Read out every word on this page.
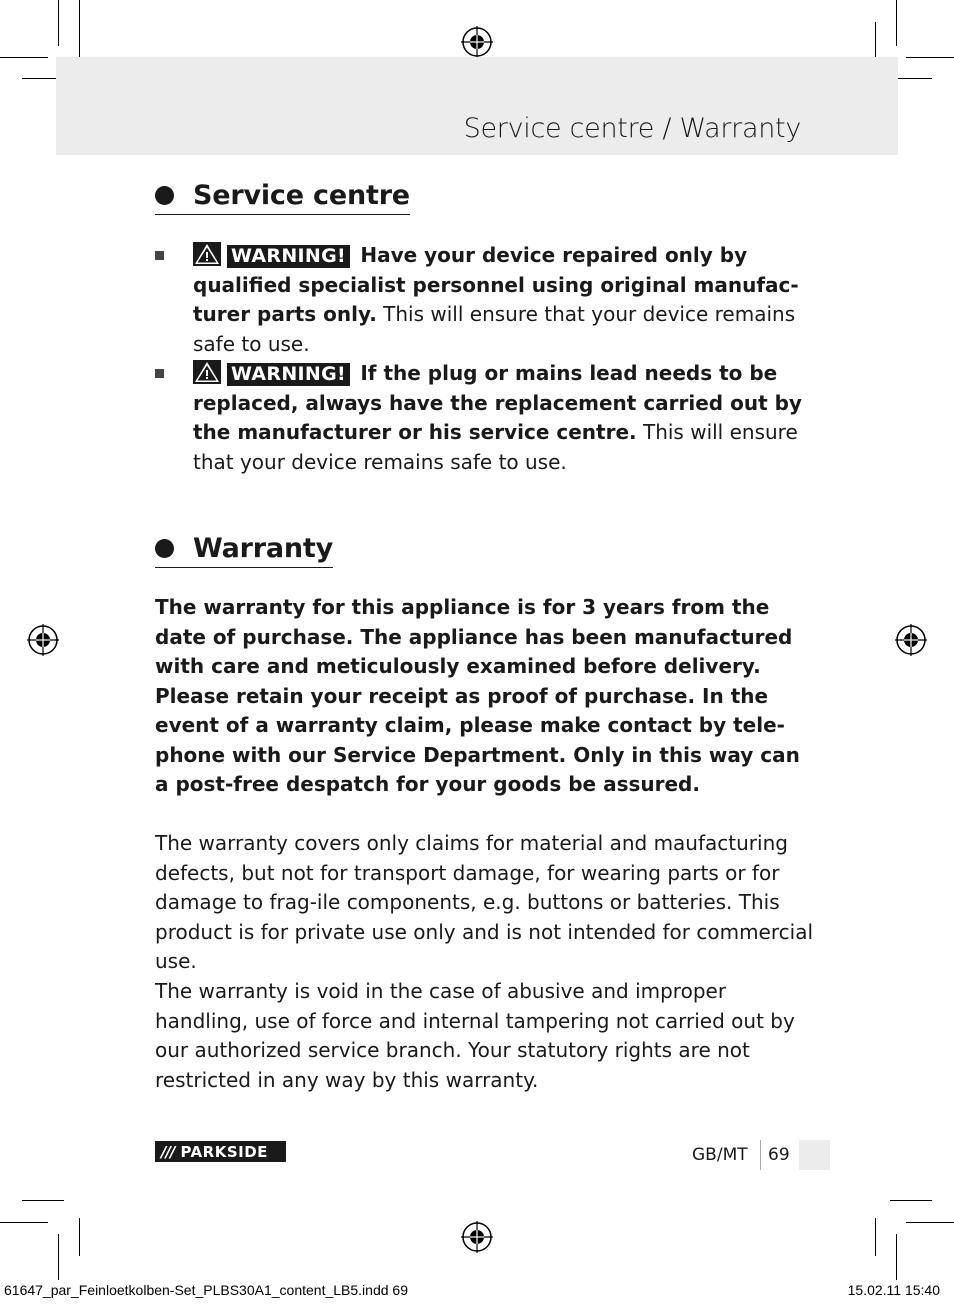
Service centre / Warranty
Service centre
WARNING! Have your device repaired only by qualified specialist personnel using original manufac-turer parts only. This will ensure that your device remains safe to use.
WARNING! If the plug or mains lead needs to be replaced, always have the replacement carried out by the manufacturer or his service centre. This will ensure that your device remains safe to use.
Warranty
The warranty for this appliance is for 3 years from the date of purchase. The appliance has been manufactured with care and meticulously examined before delivery. Please retain your receipt as proof of purchase. In the event of a warranty claim, please make contact by tele-phone with our Service Department. Only in this way can a post-free despatch for your goods be assured.
The warranty covers only claims for material and maufacturing defects, but not for transport damage, for wearing parts or for damage to frag-ile components, e.g. buttons or batteries. This product is for private use only and is not intended for commercial use.
The warranty is void in the case of abusive and improper handling, use of force and internal tampering not carried out by our authorized service branch. Your statutory rights are not restricted in any way by this warranty.
/// PARKSIDE	GB/MT 69
61647_par_Feinloetkolben-Set_PLBS30A1_content_LB5.indd 69	15.02.11 15:40
